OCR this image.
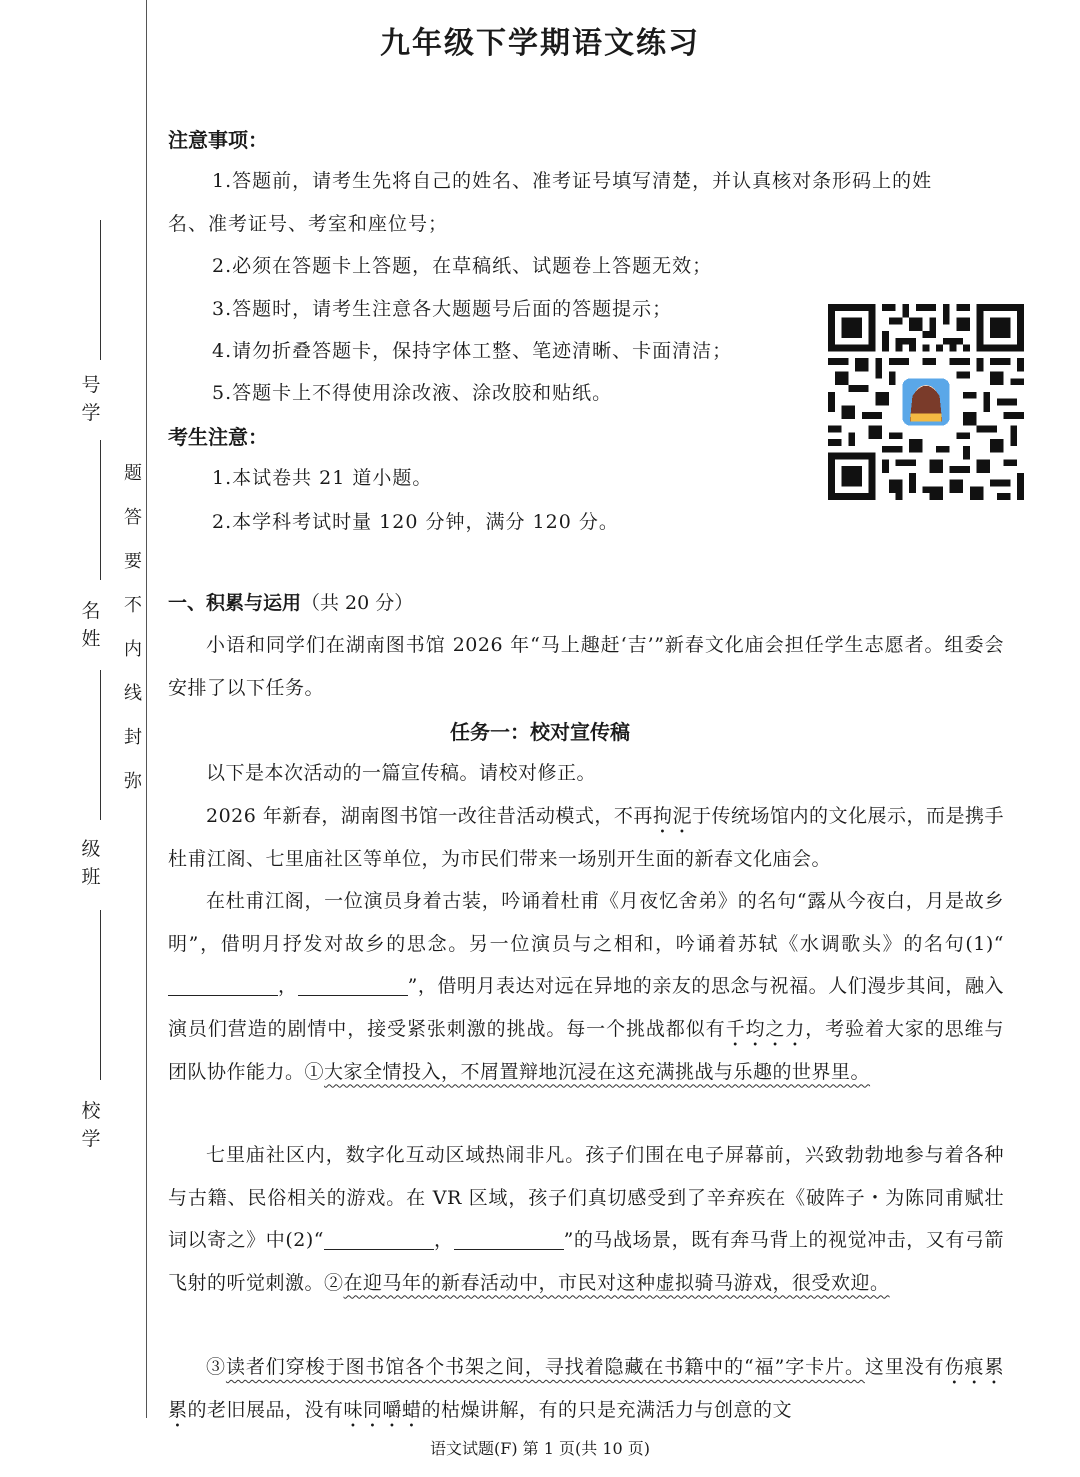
号
学
名
姓
级
班
校
学
题
答
要
不
内
线
封
弥
九年级下学期语文练习
注意事项：
1.答题前，请考生先将自己的姓名、准考证号填写清楚，并认真核对条形码上的姓
名、准考证号、考室和座位号；
2.必须在答题卡上答题，在草稿纸、试题卷上答题无效；
3.答题时，请考生注意各大题题号后面的答题提示；
4.请勿折叠答题卡，保持字体工整、笔迹清晰、卡面清洁；
5.答题卡上不得使用涂改液、涂改胶和贴纸。
考生注意：
1.本试卷共 21 道小题。
2.本学科考试时量 120 分钟，满分 120 分。
一、积累与运用（共 20 分）
小语和同学们在湖南图书馆 2026 年“马上趣赶‘吉’”新春文化庙会担任学生志愿者。组委会安排了以下任务。
任务一：校对宣传稿
以下是本次活动的一篇宣传稿。请校对修正。
2026 年新春，湖南图书馆一改往昔活动模式，不再拘泥于传统场馆内的文化展示，而是携手杜甫江阁、七里庙社区等单位，为市民们带来一场别开生面的新春文化庙会。
在杜甫江阁，一位演员身着古装，吟诵着杜甫《月夜忆舍弟》的名句“露从今夜白，月是故乡明”，借明月抒发对故乡的思念。另一位演员与之相和，吟诵着苏轼《水调歌头》的名句(1)“，	”，借明月表达对远在异地的亲友的思念与祝福。人们漫步其间，融入演员们营造的剧情中，接受紧张刺激的挑战。每一个挑战都似有千均之力，考验着大家的思维与团队协作能力。①大家全情投入，不屑置辩地沉浸在这充满挑战与乐趣的世界里。
七里庙社区内，数字化互动区域热闹非凡。孩子们围在电子屏幕前，兴致勃勃地参与着各种与古籍、民俗相关的游戏。在 VR 区域，孩子们真切感受到了辛弃疾在《破阵子・为陈同甫赋壮词以寄之》中(2)“	，	”的马战场景，既有奔马背上的视觉冲击，又有弓箭飞射的听觉刺激。②在迎马年的新春活动中，市民对这种虚拟骑马游戏，很受欢迎。
③读者们穿梭于图书馆各个书架之间，寻找着隐藏在书籍中的“福”字卡片。这里没有伤痕累累的老旧展品，没有味同嚼蜡的枯燥讲解，有的只是充满活力与创意的文
语文试题(F) 第 1 页(共 10 页)
